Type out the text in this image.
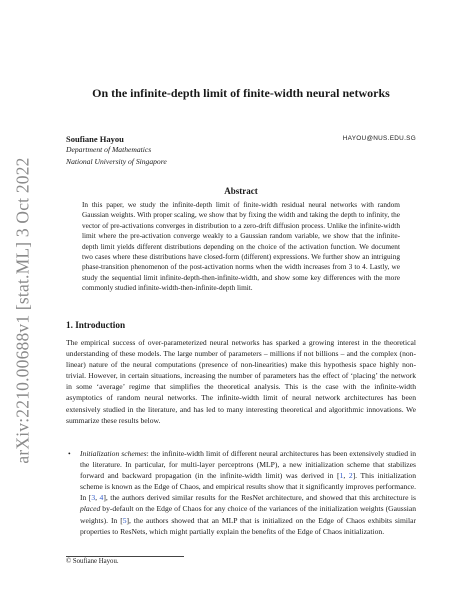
arXiv:2210.00688v1 [stat.ML] 3 Oct 2022
On the infinite-depth limit of finite-width neural networks
Soufiane Hayou	HAYOU@NUS.EDU.SG
Department of Mathematics
National University of Singapore
Abstract

In this paper, we study the infinite-depth limit of finite-width residual neural networks with random Gaussian weights. With proper scaling, we show that by fixing the width and taking the depth to infinity, the vector of pre-activations converges in distribution to a zero-drift diffusion process. Unlike the infinite-width limit where the pre-activation converge weakly to a Gaussian random variable, we show that the infinite-depth limit yields different distributions depending on the choice of the activation function. We document two cases where these distributions have closed-form (different) expressions. We further show an intriguing phase-transition phenomenon of the post-activation norms when the width increases from 3 to 4. Lastly, we study the sequential limit infinite-depth-then-infinite-width, and show some key differences with the more commonly studied infinite-width-then-infinite-depth limit.

1. Introduction

The empirical success of over-parameterized neural networks has sparked a growing interest in the theoretical understanding of these models. The large number of parameters – millions if not billions – and the complex (non-linear) nature of the neural computations (presence of non-linearities) make this hypothesis space highly non-trivial. However, in certain situations, increasing the number of parameters has the effect of ‘placing’ the network in some ‘average’ regime that simplifies the theoretical analysis. This is the case with the infinite-width asymptotics of random neural networks. The infinite-width limit of neural network architectures has been extensively studied in the literature, and has led to many interesting theoretical and algorithmic innovations. We summarize these results below.

• Initialization schemes: the infinite-width limit of different neural architectures has been extensively studied in the literature. In particular, for multi-layer perceptrons (MLP), a new initialization scheme that stabilizes forward and backward propagation (in the infinite-width limit) was derived in [1, 2]. This initialization scheme is known as the Edge of Chaos, and empirical results show that it significantly improves performance. In [3, 4], the authors derived similar results for the ResNet architecture, and showed that this architecture is placed by-default on the Edge of Chaos for any choice of the variances of the initialization weights (Gaussian weights). In [5], the authors showed that an MLP that is initialized on the Edge of Chaos exhibits similar properties to ResNets, which might partially explain the benefits of the Edge of Chaos initialization.
© Soufiane Hayou.
